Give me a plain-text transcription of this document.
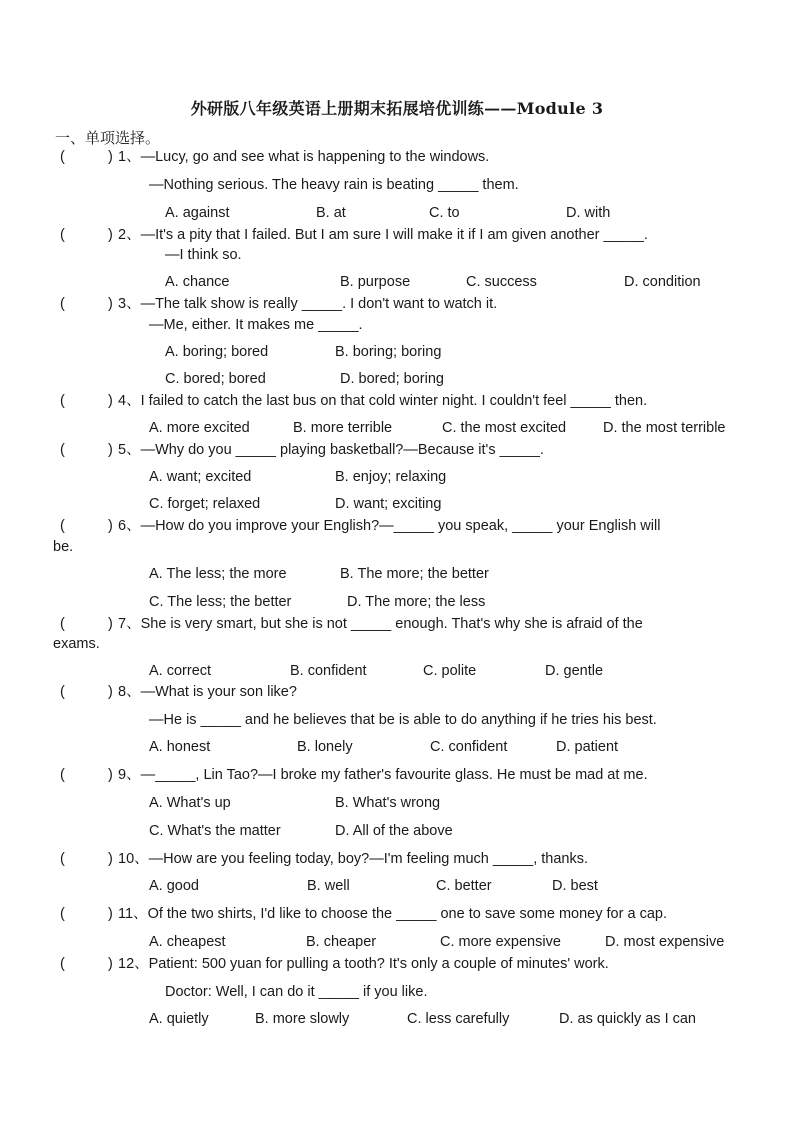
外研版八年级英语上册期末拓展培优训练——Module 3
一、单项选择。
(	) 1、—Lucy, go and see what is happening to the windows.
—Nothing serious. The heavy rain is beating _____ them.
A. against	B. at	C. to	D. with
(	) 2、—It's a pity that I failed. But I am sure I will make it if I am given another _____.
—I think so.
A. chance	B. purpose	C. success	D. condition
(	) 3、—The talk show is really _____. I don't want to watch it.
—Me, either. It makes me _____.
A. boring; bored	B. boring; boring
C. bored; bored	D. bored; boring
(	) 4、I failed to catch the last bus on that cold winter night. I couldn't feel _____ then.
A. more excited	B. more terrible	C. the most excited	D. the most terrible
(	) 5、—Why do you _____ playing basketball?—Because it's _____.
A. want; excited	B. enjoy; relaxing
C. forget; relaxed	D. want; exciting
(	) 6、—How do you improve your English?—_____ you speak, _____ your English will
be.
A. The less; the more	B. The more; the better
C. The less; the better	D. The more; the less
(	) 7、She is very smart, but she is not _____ enough. That's why she is afraid of the
exams.
A. correct	B. confident	C. polite	D. gentle
(	) 8、—What is your son like?
—He is _____ and he believes that be is able to do anything if he tries his best.
A. honest	B. lonely	C. confident	D. patient
(	) 9、—_____, Lin Tao?—I broke my father's favourite glass. He must be mad at me.
A. What's up	B. What's wrong
C. What's the matter	D. All of the above
(	) 10、—How are you feeling today, boy?—I'm feeling much _____, thanks.
A. good	B. well	C. better	D. best
(	) 11、Of the two shirts, I'd like to choose the _____ one to save some money for a cap.
A. cheapest	B. cheaper	C. more expensive	D. most expensive
(	) 12、Patient: 500 yuan for pulling a tooth? It's only a couple of minutes' work.
Doctor: Well, I can do it _____ if you like.
A. quietly	B. more slowly	C. less carefully	D. as quickly as I can
